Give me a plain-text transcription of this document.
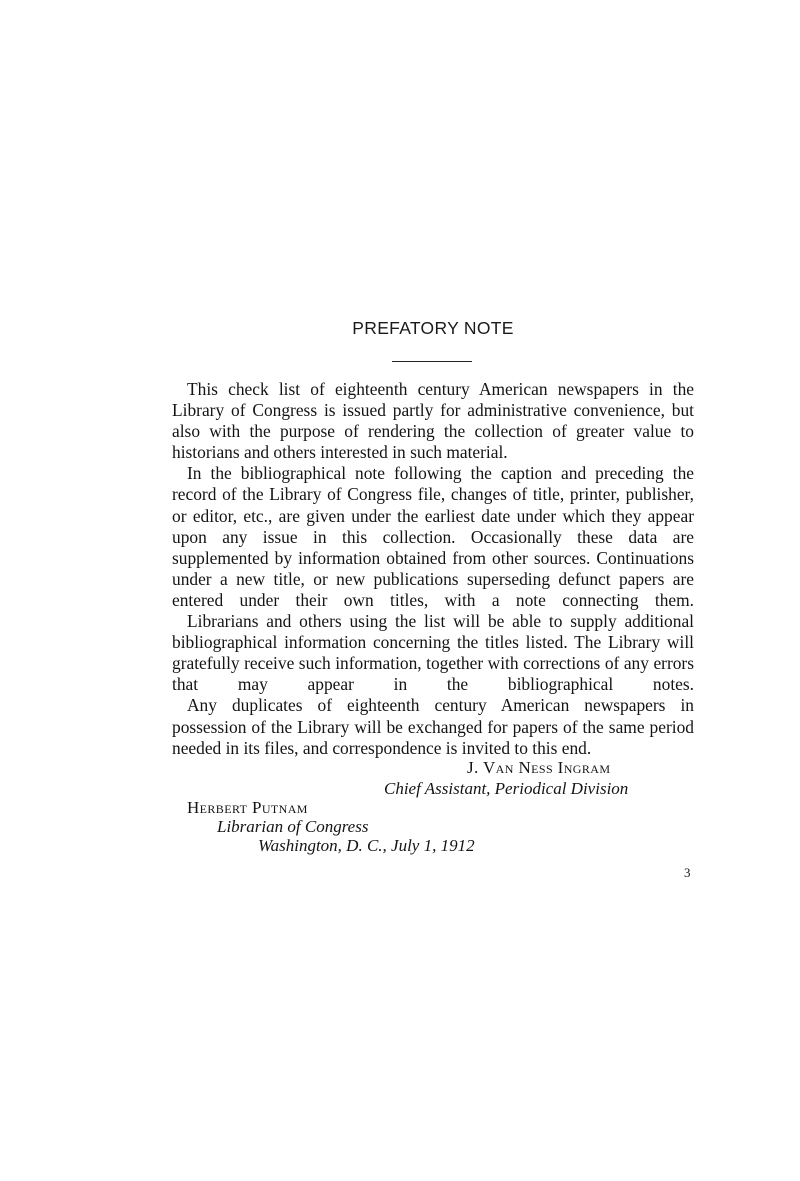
PREFATORY NOTE

This check list of eighteenth century American newspapers in the Library of Congress is issued partly for administrative convenience, but also with the purpose of rendering the collection of greater value to historians and others interested in such material.

In the bibliographical note following the caption and preceding the record of the Library of Congress file, changes of title, printer, publisher, or editor, etc., are given under the earliest date under which they appear upon any issue in this collection. Occasionally these data are supplemented by information obtained from other sources. Continuations under a new title, or new publications superseding defunct papers are entered under their own titles, with a note connecting them.

Librarians and others using the list will be able to supply additional bibliographical information concerning the titles listed. The Library will gratefully receive such information, together with corrections of any errors that may appear in the bibliographical notes.

Any duplicates of eighteenth century American newspapers in possession of the Library will be exchanged for papers of the same period needed in its files, and correspondence is invited to this end.

J. Van Ness Ingram
Chief Assistant, Periodical Division
Herbert Putnam
Librarian of Congress
Washington, D. C., July 1, 1912
3
